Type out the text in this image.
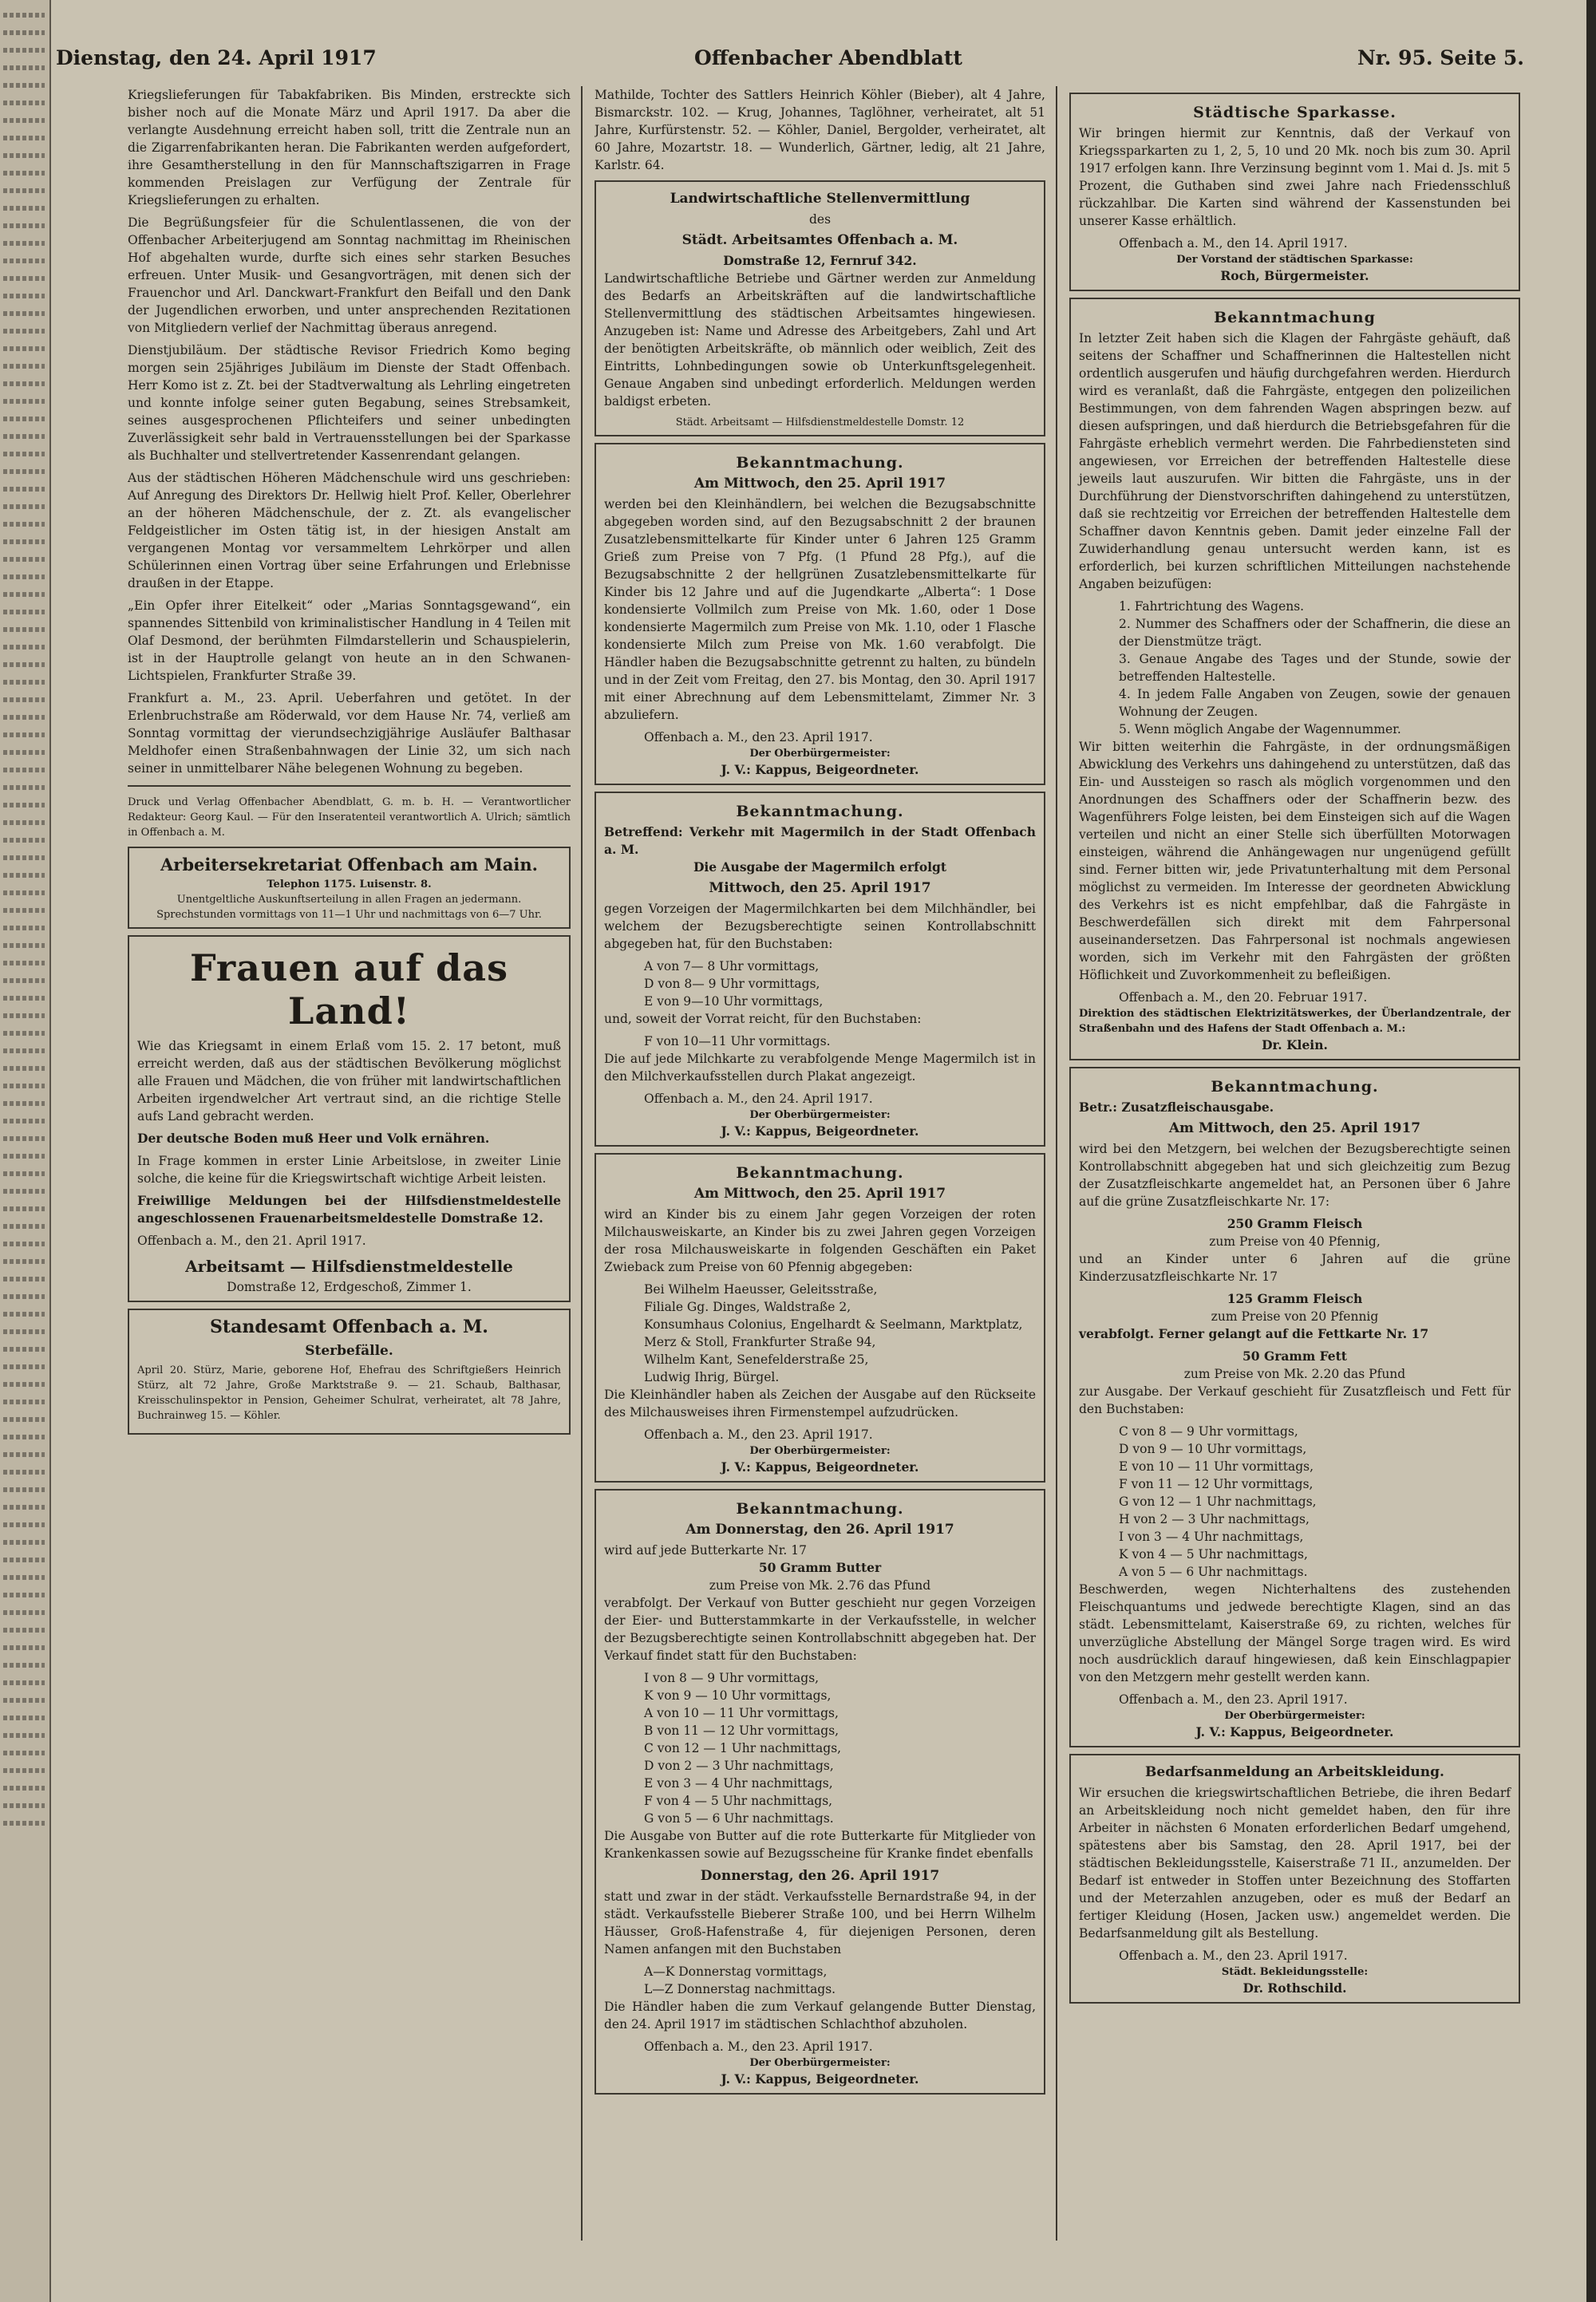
Dienstag, den 24. April 1917	Offenbacher Abendblatt	Nr. 95. Seite 5.

Kriegslieferungen für Tabakfabriken. Bis Minden, erstreckte sich bisher noch auf die Monate März und April 1917. Da aber die verlangte Ausdehnung erreicht haben soll, tritt die Zentrale nun an die Zigarrenfabrikanten heran. Die Fabrikanten werden aufgefordert, ihre Gesamtherstellung in den für Mannschaftszigarren in Frage kommenden Preislagen zur Verfügung der Zentrale für Kriegslieferungen zu erhalten.

Die Begrüßungsfeier für die Schulentlassenen, die von der Offenbacher Arbeiterjugend am Sonntag nachmittag im Rheinischen Hof abgehalten wurde, durfte sich eines sehr starken Besuches erfreuen. Unter Musik- und Gesangvorträgen, mit denen sich der Frauenchor und Arl. Danckwart-Frankfurt den Beifall und den Dank der Jugendlichen erworben, und unter ansprechenden Rezitationen von Mitgliedern verlief der Nachmittag überaus anregend.

Dienstjubiläum. Der städtische Revisor Friedrich Komo beging morgen sein 25jähriges Jubiläum im Dienste der Stadt Offenbach. Herr Komo ist z. Zt. bei der Stadtverwaltung als Lehrling eingetreten und konnte infolge seiner guten Begabung, seines Strebsamkeit, seines ausgesprochenen Pflichteifers und seiner unbedingten Zuverlässigkeit sehr bald in Vertrauensstellungen bei der Sparkasse als Buchhalter und stellvertretender Kassenrendant gelangen.

Aus der städtischen Höheren Mädchenschule wird uns geschrieben: Auf Anregung des Direktors Dr. Hellwig hielt Prof. Keller, Oberlehrer an der höheren Mädchenschule, der z. Zt. als evangelischer Feldgeistlicher im Osten tätig ist, in der hiesigen Anstalt am vergangenen Montag vor versammeltem Lehrkörper und allen Schülerinnen einen Vortrag über seine Erfahrungen und Erlebnisse draußen in der Etappe.

„Ein Opfer ihrer Eitelkeit“ oder „Marias Sonntagsgewand“, ein spannendes Sittenbild von kriminalistischer Handlung in 4 Teilen mit Olaf Desmond, der berühmten Filmdarstellerin und Schauspielerin, ist in der Hauptrolle gelangt von heute an in den Schwanen-Lichtspielen, Frankfurter Straße 39.

Frankfurt a. M., 23. April. Ueberfahren und getötet. In der Erlenbruchstraße am Röderwald, vor dem Hause Nr. 74, verließ am Sonntag vormittag der vierundsechzigjährige Ausläufer Balthasar Meldhofer einen Straßenbahnwagen der Linie 32, um sich nach seiner in unmittelbarer Nähe belegenen Wohnung zu begeben.

Druck und Verlag Offenbacher Abendblatt, G. m. b. H. — Verantwortlicher Redakteur: Georg Kaul. — Für den Inseratenteil verantwortlich A. Ulrich; sämtlich in Offenbach a. M.

Arbeitersekretariat Offenbach am Main.
Telephon 1175. Luisenstr. 8.
Unentgeltliche Auskunftserteilung in allen Fragen an jedermann. Sprechstunden vormittags von 11—1 Uhr und nachmittags von 6—7 Uhr.
Frauen auf das Land!

Wie das Kriegsamt in einem Erlaß vom 15. 2. 17 betont, muß erreicht werden, daß aus der städtischen Bevölkerung möglichst alle Frauen und Mädchen, die von früher mit landwirtschaftlichen Arbeiten irgendwelcher Art vertraut sind, an die richtige Stelle aufs Land gebracht werden.

Der deutsche Boden muß Heer und Volk ernähren.

In Frage kommen in erster Linie Arbeitslose, in zweiter Linie solche, die keine für die Kriegswirtschaft wichtige Arbeit leisten.

Freiwillige Meldungen bei der Hilfsdienstmeldestelle angeschlossenen Frauenarbeitsmeldestelle Domstraße 12.

Offenbach a. M., den 21. April 1917.

Arbeitsamt — Hilfsdienstmeldestelle
Domstraße 12, Erdgeschoß, Zimmer 1.
Standesamt Offenbach a. M.
Sterbefälle.

April 20. Stürz, Marie, geborene Hof, Ehefrau des Schriftgießers Heinrich Stürz, alt 72 Jahre, Große Marktstraße 9. — 21. Schaub, Balthasar, Kreisschulinspektor in Pension, Geheimer Schulrat, verheiratet, alt 78 Jahre, Buchrainweg 15. — Köhler.

Mathilde, Tochter des Sattlers Heinrich Köhler (Bieber), alt 4 Jahre, Bismarckstr. 102. — Krug, Johannes, Taglöhner, verheiratet, alt 51 Jahre, Kurfürstenstr. 52. — Köhler, Daniel, Bergolder, verheiratet, alt 60 Jahre, Mozartstr. 18. — Wunderlich, Gärtner, ledig, alt 21 Jahre, Karlstr. 64.

Landwirtschaftliche Stellenvermittlung
des
Städt. Arbeitsamtes Offenbach a. M.
Domstraße 12, Fernruf 342.

Landwirtschaftliche Betriebe und Gärtner werden zur Anmeldung des Bedarfs an Arbeitskräften auf die landwirtschaftliche Stellenvermittlung des städtischen Arbeitsamtes hingewiesen. Anzugeben ist: Name und Adresse des Arbeitgebers, Zahl und Art der benötigten Arbeitskräfte, ob männlich oder weiblich, Zeit des Eintritts, Lohnbedingungen sowie ob Unterkunftsgelegenheit. Genaue Angaben sind unbedingt erforderlich. Meldungen werden baldigst erbeten.

Städt. Arbeitsamt — Hilfsdienstmeldestelle Domstr. 12
Bekanntmachung.
Am Mittwoch, den 25. April 1917

werden bei den Kleinhändlern, bei welchen die Bezugsabschnitte abgegeben worden sind, auf den Bezugsabschnitt 2 der braunen Zusatzlebensmittelkarte für Kinder unter 6 Jahren 125 Gramm Grieß zum Preise von 7 Pfg. (1 Pfund 28 Pfg.), auf die Bezugsabschnitte 2 der hellgrünen Zusatzlebensmittelkarte für Kinder bis 12 Jahre und auf die Jugendkarte „Alberta“: 1 Dose kondensierte Vollmilch zum Preise von Mk. 1.60, oder 1 Dose kondensierte Magermilch zum Preise von Mk. 1.10, oder 1 Flasche kondensierte Milch zum Preise von Mk. 1.60 verabfolgt. Die Händler haben die Bezugsabschnitte getrennt zu halten, zu bündeln und in der Zeit vom Freitag, den 27. bis Montag, den 30. April 1917 mit einer Abrechnung auf dem Lebensmittelamt, Zimmer Nr. 3 abzuliefern.

Offenbach a. M., den 23. April 1917.
Der Oberbürgermeister:
J. V.: Kappus, Beigeordneter.
Bekanntmachung.
Betreffend: Verkehr mit Magermilch in der Stadt Offenbach a. M.
Die Ausgabe der Magermilch erfolgt
Mittwoch, den 25. April 1917

gegen Vorzeigen der Magermilchkarten bei dem Milchhändler, bei welchem der Bezugsberechtigte seinen Kontrollabschnitt abgegeben hat, für den Buchstaben:

A von 7— 8 Uhr vormittags,
D von 8— 9 Uhr vormittags,
E von 9—10 Uhr vormittags,

und, soweit der Vorrat reicht, für den Buchstaben:

F von 10—11 Uhr vormittags.

Die auf jede Milchkarte zu verabfolgende Menge Magermilch ist in den Milchverkaufsstellen durch Plakat angezeigt.

Offenbach a. M., den 24. April 1917.
Der Oberbürgermeister:
J. V.: Kappus, Beigeordneter.
Bekanntmachung.
Am Mittwoch, den 25. April 1917

wird an Kinder bis zu einem Jahr gegen Vorzeigen der roten Milchausweiskarte, an Kinder bis zu zwei Jahren gegen Vorzeigen der rosa Milchausweiskarte in folgenden Geschäften ein Paket Zwieback zum Preise von 60 Pfennig abgegeben:

Bei Wilhelm Haeusser, Geleitsstraße,
Filiale Gg. Dinges, Waldstraße 2,
Konsumhaus Colonius, Engelhardt & Seelmann, Marktplatz,
Merz & Stoll, Frankfurter Straße 94,
Wilhelm Kant, Senefelderstraße 25,
Ludwig Ihrig, Bürgel.

Die Kleinhändler haben als Zeichen der Ausgabe auf den Rückseite des Milchausweises ihren Firmenstempel aufzudrücken.

Offenbach a. M., den 23. April 1917.
Der Oberbürgermeister:
J. V.: Kappus, Beigeordneter.
Bekanntmachung.
Am Donnerstag, den 26. April 1917
wird auf jede Butterkarte Nr. 17
50 Gramm Butter
zum Preise von Mk. 2.76 das Pfund

verabfolgt. Der Verkauf von Butter geschieht nur gegen Vorzeigen der Eier- und Butterstammkarte in der Verkaufsstelle, in welcher der Bezugsberechtigte seinen Kontrollabschnitt abgegeben hat. Der Verkauf findet statt für den Buchstaben:

I von 8 — 9 Uhr vormittags,
K von 9 — 10 Uhr vormittags,
A von 10 — 11 Uhr vormittags,
B von 11 — 12 Uhr vormittags,
C von 12 — 1 Uhr nachmittags,
D von 2 — 3 Uhr nachmittags,
E von 3 — 4 Uhr nachmittags,
F von 4 — 5 Uhr nachmittags,
G von 5 — 6 Uhr nachmittags.

Die Ausgabe von Butter auf die rote Butterkarte für Mitglieder von Krankenkassen sowie auf Bezugsscheine für Kranke findet ebenfalls

Donnerstag, den 26. April 1917

statt und zwar in der städt. Verkaufsstelle Bernardstraße 94, in der städt. Verkaufsstelle Bieberer Straße 100, und bei Herrn Wilhelm Häusser, Groß-Hafenstraße 4, für diejenigen Personen, deren Namen anfangen mit den Buchstaben

A—K Donnerstag vormittags,
L—Z Donnerstag nachmittags.

Die Händler haben die zum Verkauf gelangende Butter Dienstag, den 24. April 1917 im städtischen Schlachthof abzuholen.

Offenbach a. M., den 23. April 1917.
Der Oberbürgermeister:
J. V.: Kappus, Beigeordneter.
Städtische Sparkasse.

Wir bringen hiermit zur Kenntnis, daß der Verkauf von Kriegssparkarten zu 1, 2, 5, 10 und 20 Mk. noch bis zum 30. April 1917 erfolgen kann. Ihre Verzinsung beginnt vom 1. Mai d. Js. mit 5 Prozent, die Guthaben sind zwei Jahre nach Friedensschluß rückzahlbar. Die Karten sind während der Kassenstunden bei unserer Kasse erhältlich.

Offenbach a. M., den 14. April 1917.
Der Vorstand der städtischen Sparkasse:
Roch, Bürgermeister.
Bekanntmachung

In letzter Zeit haben sich die Klagen der Fahrgäste gehäuft, daß seitens der Schaffner und Schaffnerinnen die Haltestellen nicht ordentlich ausgerufen und häufig durchgefahren werden. Hierdurch wird es veranlaßt, daß die Fahrgäste, entgegen den polizeilichen Bestimmungen, von dem fahrenden Wagen abspringen bezw. auf diesen aufspringen, und daß hierdurch die Betriebsgefahren für die Fahrgäste erheblich vermehrt werden. Die Fahrbediensteten sind angewiesen, vor Erreichen der betreffenden Haltestelle diese jeweils laut auszurufen. Wir bitten die Fahrgäste, uns in der Durchführung der Dienstvorschriften dahingehend zu unterstützen, daß sie rechtzeitig vor Erreichen der betreffenden Haltestelle dem Schaffner davon Kenntnis geben. Damit jeder einzelne Fall der Zuwiderhandlung genau untersucht werden kann, ist es erforderlich, bei kurzen schriftlichen Mitteilungen nachstehende Angaben beizufügen:

1. Fahrtrichtung des Wagens.
2. Nummer des Schaffners oder der Schaffnerin, die diese an der Dienstmütze trägt.
3. Genaue Angabe des Tages und der Stunde, sowie der betreffenden Haltestelle.
4. In jedem Falle Angaben von Zeugen, sowie der genauen Wohnung der Zeugen.
5. Wenn möglich Angabe der Wagennummer.

Wir bitten weiterhin die Fahrgäste, in der ordnungsmäßigen Abwicklung des Verkehrs uns dahingehend zu unterstützen, daß das Ein- und Aussteigen so rasch als möglich vorgenommen und den Anordnungen des Schaffners oder der Schaffnerin bezw. des Wagenführers Folge leisten, bei dem Einsteigen sich auf die Wagen verteilen und nicht an einer Stelle sich überfüllten Motorwagen einsteigen, während die Anhängewagen nur ungenügend gefüllt sind. Ferner bitten wir, jede Privatunterhaltung mit dem Personal möglichst zu vermeiden. Im Interesse der geordneten Abwicklung des Verkehrs ist es nicht empfehlbar, daß die Fahrgäste in Beschwerdefällen sich direkt mit dem Fahrpersonal auseinandersetzen. Das Fahrpersonal ist nochmals angewiesen worden, sich im Verkehr mit den Fahrgästen der größten Höflichkeit und Zuvorkommenheit zu befleißigen.

Offenbach a. M., den 20. Februar 1917.
Direktion des städtischen Elektrizitätswerkes, der Überlandzentrale, der Straßenbahn und des Hafens der Stadt Offenbach a. M.:
Dr. Klein.
Bekanntmachung.
Betr.: Zusatzfleischausgabe.
Am Mittwoch, den 25. April 1917

wird bei den Metzgern, bei welchen der Bezugsberechtigte seinen Kontrollabschnitt abgegeben hat und sich gleichzeitig zum Bezug der Zusatzfleischkarte angemeldet hat, an Personen über 6 Jahre auf die grüne Zusatzfleischkarte Nr. 17:

250 Gramm Fleisch
zum Preise von 40 Pfennig,

und an Kinder unter 6 Jahren auf die grüne Kinderzusatzfleischkarte Nr. 17

125 Gramm Fleisch
zum Preise von 20 Pfennig

verabfolgt. Ferner gelangt auf die Fettkarte Nr. 17

50 Gramm Fett
zum Preise von Mk. 2.20 das Pfund

zur Ausgabe. Der Verkauf geschieht für Zusatzfleisch und Fett für den Buchstaben:

C von 8 — 9 Uhr vormittags,
D von 9 — 10 Uhr vormittags,
E von 10 — 11 Uhr vormittags,
F von 11 — 12 Uhr vormittags,
G von 12 — 1 Uhr nachmittags,
H von 2 — 3 Uhr nachmittags,
I von 3 — 4 Uhr nachmittags,
K von 4 — 5 Uhr nachmittags,
A von 5 — 6 Uhr nachmittags.

Beschwerden, wegen Nichterhaltens des zustehenden Fleischquantums und jedwede berechtigte Klagen, sind an das städt. Lebensmittelamt, Kaiserstraße 69, zu richten, welches für unverzügliche Abstellung der Mängel Sorge tragen wird. Es wird noch ausdrücklich darauf hingewiesen, daß kein Einschlagpapier von den Metzgern mehr gestellt werden kann.

Offenbach a. M., den 23. April 1917.
Der Oberbürgermeister:
J. V.: Kappus, Beigeordneter.
Bedarfsanmeldung an Arbeitskleidung.

Wir ersuchen die kriegswirtschaftlichen Betriebe, die ihren Bedarf an Arbeitskleidung noch nicht gemeldet haben, den für ihre Arbeiter in nächsten 6 Monaten erforderlichen Bedarf umgehend, spätestens aber bis Samstag, den 28. April 1917, bei der städtischen Bekleidungsstelle, Kaiserstraße 71 II., anzumelden. Der Bedarf ist entweder in Stoffen unter Bezeichnung des Stoffarten und der Meterzahlen anzugeben, oder es muß der Bedarf an fertiger Kleidung (Hosen, Jacken usw.) angemeldet werden. Die Bedarfsanmeldung gilt als Bestellung.

Offenbach a. M., den 23. April 1917.
Städt. Bekleidungsstelle:
Dr. Rothschild.
